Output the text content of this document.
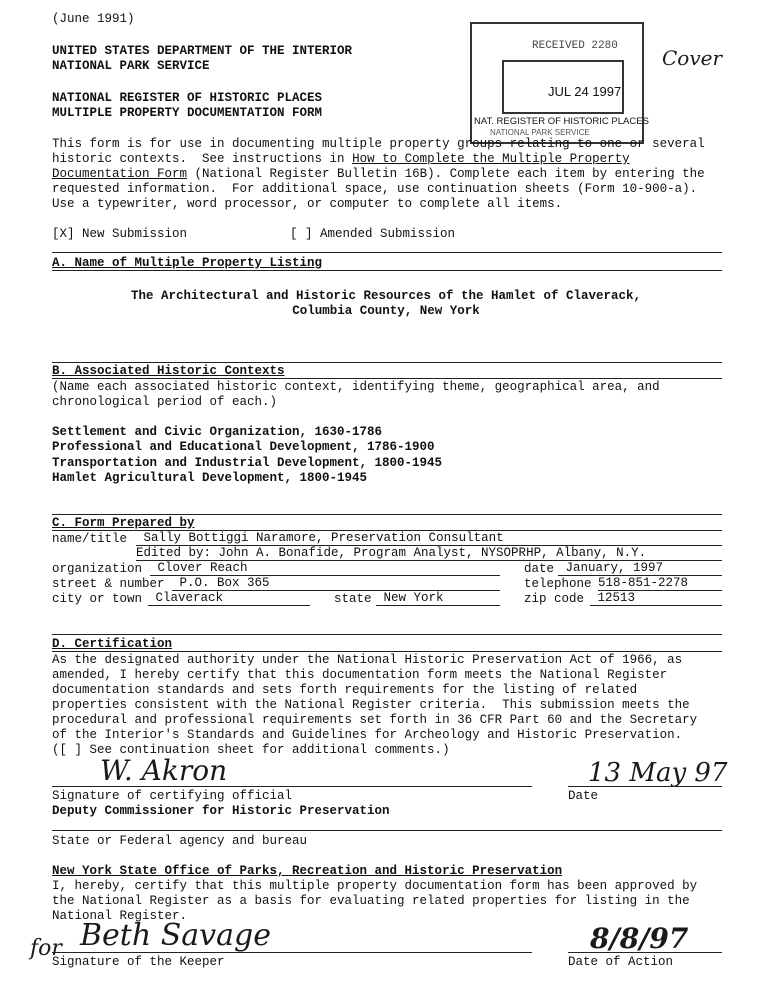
(June 1991)
UNITED STATES DEPARTMENT OF THE INTERIOR
NATIONAL PARK SERVICE
NATIONAL REGISTER OF HISTORIC PLACES
MULTIPLE PROPERTY DOCUMENTATION FORM
RECEIVED 2280
JUL 24 1997
NAT. REGISTER OF HISTORIC PLACES
NATIONAL PARK SERVICE
Cover
This form is for use in documenting multiple property groups relating to one or several
historic contexts.  See instructions in How to Complete the Multiple Property
Documentation Form (National Register Bulletin 16B). Complete each item by entering the
requested information.  For additional space, use continuation sheets (Form 10-900-a).
Use a typewriter, word processor, or computer to complete all items.
[X] New Submission	[ ] Amended Submission
A. Name of Multiple Property Listing
The Architectural and Historic Resources of the Hamlet of Claverack,
Columbia County, New York
B. Associated Historic Contexts
(Name each associated historic context, identifying theme, geographical area, and
chronological period of each.)
Settlement and Civic Organization, 1630-1786
Professional and Educational Development, 1786-1900
Transportation and Industrial Development, 1800-1945
Hamlet Agricultural Development, 1800-1945
C. Form Prepared by
name/title	Sally Bottiggi Naramore, Preservation Consultant
Edited by: John A. Bonafide, Program Analyst, NYSOPRHP, Albany, N.Y.
organization	Clover Reach	date January, 1997
street & number	P.O. Box 365	telephone 518-851-2278
city or town	Claverack	state New York	zip code	12513
D. Certification
As the designated authority under the National Historic Preservation Act of 1966, as
amended, I hereby certify that this documentation form meets the National Register
documentation standards and sets forth requirements for the listing of related
properties consistent with the National Register criteria.  This submission meets the
procedural and professional requirements set forth in 36 CFR Part 60 and the Secretary
of the Interior's Standards and Guidelines for Archeology and Historic Preservation.
([ ] See continuation sheet for additional comments.)
W. Akron	13 May 97
Signature of certifying official	Date
Deputy Commissioner for Historic Preservation
State or Federal agency and bureau
New York State Office of Parks, Recreation and Historic Preservation
I, hereby, certify that this multiple property documentation form has been approved by
the National Register as a basis for evaluating related properties for listing in the
National Register.
for Beth Savage	8/8/97
Signature of the Keeper	Date of Action
